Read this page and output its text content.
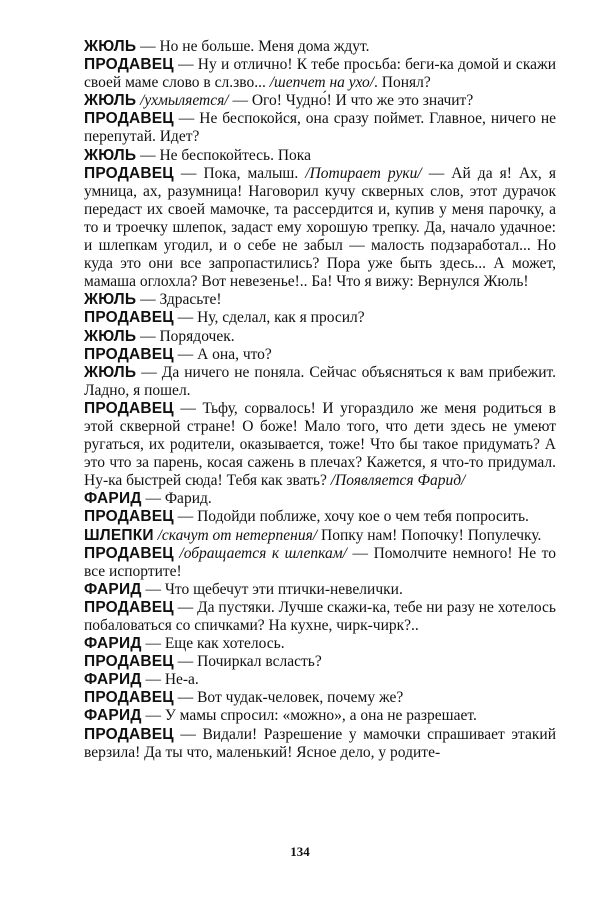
ЖЮЛЬ — Но не больше. Меня дома ждут.

ПРОДАВЕЦ — Ну и отлично! К тебе просьба: беги-ка домой и скажи своей маме слово в сл.зво... /шепчет на ухо/. Понял?

ЖЮЛЬ /ухмыляется/ — Ого! Чудно́! И что же это значит?

ПРОДАВЕЦ — Не беспокойся, она сразу поймет. Главное, ничего не перепутай. Идет?

ЖЮЛЬ — Не беспокойтесь. Пока

ПРОДАВЕЦ — Пока, малыш. /Потирает руки/ — Ай да я! Ах, я умница, ах, разумница! Наговорил кучу скверных слов, этот дурачок передаст их своей мамочке, та рассердится и, купив у меня парочку, а то и троечку шлепок, задаст ему хорошую трепку. Да, начало удачное: и шлепкам угодил, и о себе не забыл — малость подзаработал... Но куда это они все запропастились? Пора уже быть здесь... А может, мамаша оглохла? Вот невезенье!.. Ба! Что я вижу: Вернулся Жюль!

ЖЮЛЬ — Здрасьте!

ПРОДАВЕЦ — Ну, сделал, как я просил?

ЖЮЛЬ — Порядочек.

ПРОДАВЕЦ — А она, что?

ЖЮЛЬ — Да ничего не поняла. Сейчас объясняться к вам прибежит. Ладно, я пошел.

ПРОДАВЕЦ — Тьфу, сорвалось! И угораздило же меня родиться в этой скверной стране! О боже! Мало того, что дети здесь не умеют ругаться, их родители, оказывается, тоже! Что бы такое придумать? А это что за парень, косая сажень в плечах? Кажется, я что-то придумал. Ну-ка быстрей сюда! Тебя как звать? /Появляется Фарид/

ФАРИД — Фарид.

ПРОДАВЕЦ — Подойди поближе, хочу кое о чем тебя попросить.

ШЛЕПКИ /скачут от нетерпения/ Попку нам! Попочку! Популечку.

ПРОДАВЕЦ /обращается к шлепкам/ — Помолчите немного! Не то все испортите!

ФАРИД — Что щебечут эти птички-невелички.

ПРОДАВЕЦ — Да пустяки. Лучше скажи-ка, тебе ни разу не хотелось побаловаться со спичками? На кухне, чирк-чирк?..

ФАРИД — Еще как хотелось.

ПРОДАВЕЦ — Почиркал всласть?

ФАРИД — Не-а.

ПРОДАВЕЦ — Вот чудак-человек, почему же?

ФАРИД — У мамы спросил: «можно», а она не разрешает.

ПРОДАВЕЦ — Видали! Разрешение у мамочки спрашивает этакий верзила! Да ты что, маленький! Ясное дело, у родите-

134
